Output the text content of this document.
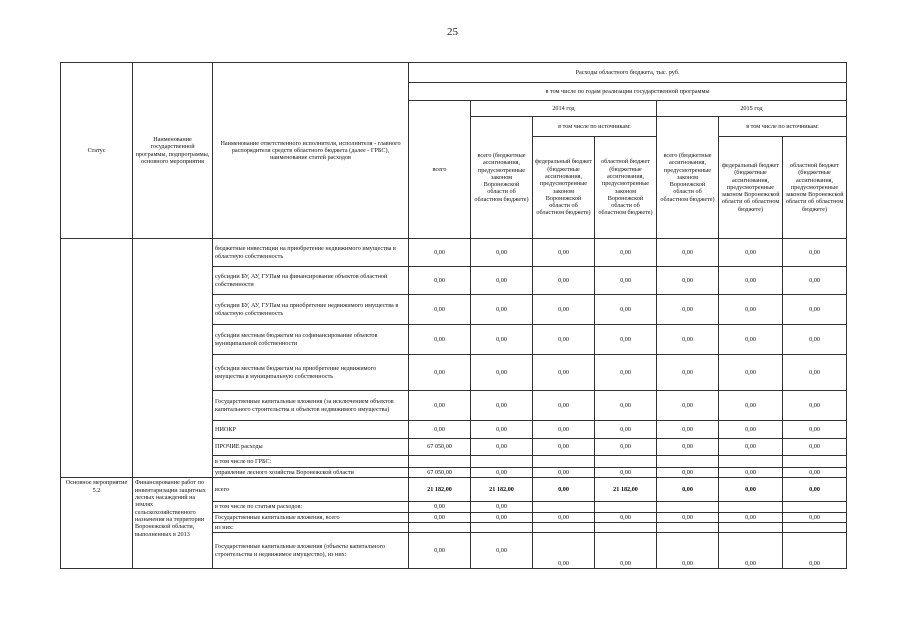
25
Статус	Наименование государственной программы, подпрограммы, основного мероприятия	Наименование ответственного исполнителя, исполнителя - главного распорядителя средств областного бюджета (далее - ГРБС), наименование статей расходов	Расходы областного бюджета, тыс. руб.						
			в том числе по годам реализации государственной программы						
			всего	2014 год			2015 год		
				всего (бюджетные ассигнования, предусмотренные законом Воронежской области об областном бюджете)	в том числе по источникам:		всего (бюджетные ассигнования, предусмотренные законом Воронежской области об областном бюджете)	в том числе по источникам:	
					федеральный бюджет (бюджетные ассигнования, предусмотренные законом Воронежской области об областном бюджете)	областной бюджет (бюджетные ассигнования, предусмотренные законом Воронежской области об областном бюджете)		федеральный бюджет (бюджетные ассигнования, предусмотренные законом Воронежской области об областном бюджете)	областной бюджет (бюджетные ассигнования, предусмотренные законом Воронежской области об областном бюджете)
		бюджетные инвестиции на приобретение недвижимого имущества в областную собственность	0,00	0,00	0,00	0,00	0,00	0,00	0,00
		субсидии БУ, АУ, ГУПам на финансирование объектов областной собственности	0,00	0,00	0,00	0,00	0,00	0,00	0,00
		субсидии БУ, АУ, ГУПам на приобретение недвижимого имущества в областную собственность	0,00	0,00	0,00	0,00	0,00	0,00	0,00
		субсидии местным бюджетам на софинансирование объектов муниципальной собственности	0,00	0,00	0,00	0,00	0,00	0,00	0,00
		субсидии местным бюджетам на приобретение недвижимого имущества в муниципальную собственность	0,00	0,00	0,00	0,00	0,00	0,00	0,00
		Государственные капитальные вложения (за исключением объектов капитального строительства и объектов недвижимого имущества)	0,00	0,00	0,00	0,00	0,00	0,00	0,00
		НИОКР	0,00	0,00	0,00	0,00	0,00	0,00	0,00
		ПРОЧИЕ расходы	67 050,00	0,00	0,00	0,00	0,00	0,00	0,00
		в том числе по ГРБС:							
		управление лесного хозяйства Воронежской области	67 050,00	0,00	0,00	0,00	0,00	0,00	0,00
Основное мероприятие 5.2	Финансирование работ по инвентаризации защитных лесных насаждений на землях сельскохозяйственного назначения на территории Воронежской области, выполненных в 2013	всего	21 182,00	21 182,00	0,00	21 182,00	0,00	0,00	0,00
		в том числе по статьям расходов:	0,00	0,00					
		Государственные капитальные вложения, всего	0,00	0,00	0,00	0,00	0,00	0,00	0,00
		из них:							
		Государственные капитальные вложения (объекты капитального строительства и недвижимое имущество), из них:	0,00	0,00	0,00	0,00	0,00	0,00	0,00
